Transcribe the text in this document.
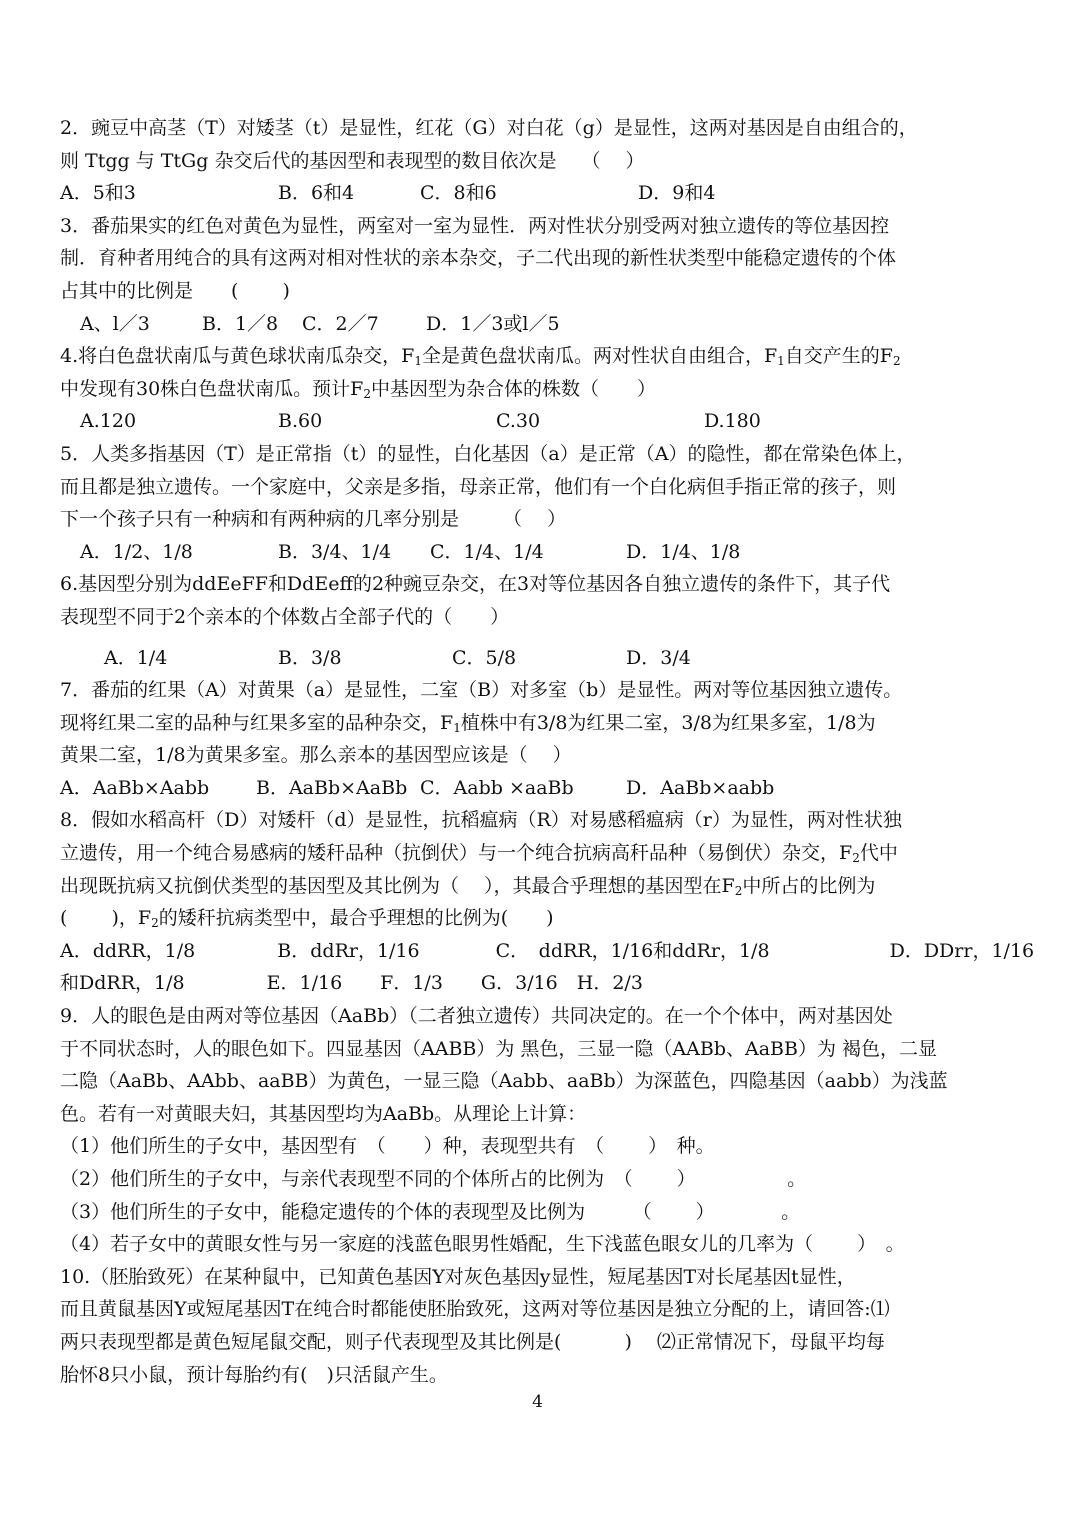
2．豌豆中高茎（T）对矮茎（t）是显性，红花（G）对白花（g）是显性，这两对基因是自由组合的，
则 Ttgg 与 TtGg 杂交后代的基因型和表现型的数目依次是　 （　 ）

A．5和3

	B．6和4

	C．8和6

	D．9和4

3．番茄果实的红色对黄色为显性，两室对一室为显性．两对性状分别受两对独立遗传的等位基因控
制．育种者用纯合的具有这两对相对性状的亲本杂交，子二代出现的新性状类型中能稳定遗传的个体
占其中的比例是　　(　　 )

A、l／3

	B．1／8

C．2／7

D．1／3或l／5

4.将白色盘状南瓜与黄色球状南瓜杂交，$F_1$全是黄色盘状南瓜。两对性状自由组合，$F_1$自交产生的$F_2$
中发现有30株白色盘状南瓜。预计$F_2$中基因型为杂合体的株数（　　）

A.120

	B.60

	C.30

	D.180

5．人类多指基因（T）是正常指（t）的显性，白化基因（a）是正常（A）的隐性，都在常染色体上，
而且都是独立遗传。一个家庭中，父亲是多指，母亲正常，他们有一个白化病但手指正常的孩子，则
下一个孩子只有一种病和有两种病的几率分别是　　 （　 ）

A．1/2、1/8

	B．3/4、1/4

C．1/4、1/4

	D．1/4、1/8

6.基因型分别为ddEeFF和DdEeff的2种豌豆杂交，在3对等位基因各自独立遗传的条件下，其子代
表现型不同于2个亲本的个体数占全部子代的（　　）

A．1/4

	B．3/8

	C．5/8

	D．3/4

7．番茄的红果（A）对黄果（a）是显性，二室（B）对多室（b）是显性。两对等位基因独立遗传。
现将红果二室的品种与红果多室的品种杂交，$F_1$植株中有3/8为红果二室，3/8为红果多室，1/8为
黄果二室，1/8为黄果多室。那么亲本的基因型应该是（　 ）

A．AaBb×Aabb

B．AaBb×AaBb

C．Aabb ×aaBb

	D．AaBb×aabb

8．假如水稻高杆（D）对矮杆（d）是显性，抗稻瘟病（R）对易感稻瘟病（r）为显性，两对性状独
立遗传，用一个纯合易感病的矮秆品种（抗倒伏）与一个纯合抗病高秆品种（易倒伏）杂交，$F_2$代中
出现既抗病又抗倒伏类型的基因型及其比例为（　 ），其最合乎理想的基因型在$F_2$中所占的比例为
(　　 )，$F_2$的矮秆抗病类型中，最合乎理想的比例为(　　)
A．ddRR，1/8　　　　 B．ddRr，1/16　　　　C．　ddRR，1/16和ddRr，1/8　　　　　　 D．DDrr，1/16
和DdRR，1/8　　　　 E．1/16　　F．1/3　　G．3/16　H．2/3
9．人的眼色是由两对等位基因（AaBb）（二者独立遗传）共同决定的。在一个个体中，两对基因处
于不同状态时，人的眼色如下。四显基因（AABB）为 黑色，三显一隐（AABb、AaBB）为 褐色，二显
二隐（AaBb、AAbb、aaBB）为黄色，一显三隐（Aabb、aaBb）为深蓝色，四隐基因（aabb）为浅蓝
色。若有一对黄眼夫妇，其基因型均为AaBb。从理论上计算：
（1）他们所生的子女中，基因型有　（　　）种，表现型共有　（　　 ）　种。
（2）他们所生的子女中，与亲代表现型不同的个体所占的比例为　（　　 ）　　　　　 。
（3）他们所生的子女中，能稳定遗传的个体的表现型及比例为　　　（　　 ）　　　　。
（4）若子女中的黄眼女性与另一家庭的浅蓝色眼男性婚配，生下浅蓝色眼女儿的几率为（　　 ）　。
10.（胚胎致死）在某种鼠中，已知黄色基因Y对灰色基因y显性，短尾基因T对长尾基因t显性，
而且黄鼠基因Y或短尾基因T在纯合时都能使胚胎致死，这两对等位基因是独立分配的上，请回答:⑴
两只表现型都是黄色短尾鼠交配，则子代表现型及其比例是(　　　 )　 ⑵正常情况下，母鼠平均每
胎怀8只小鼠，预计每胎约有(　)只活鼠产生。
4
